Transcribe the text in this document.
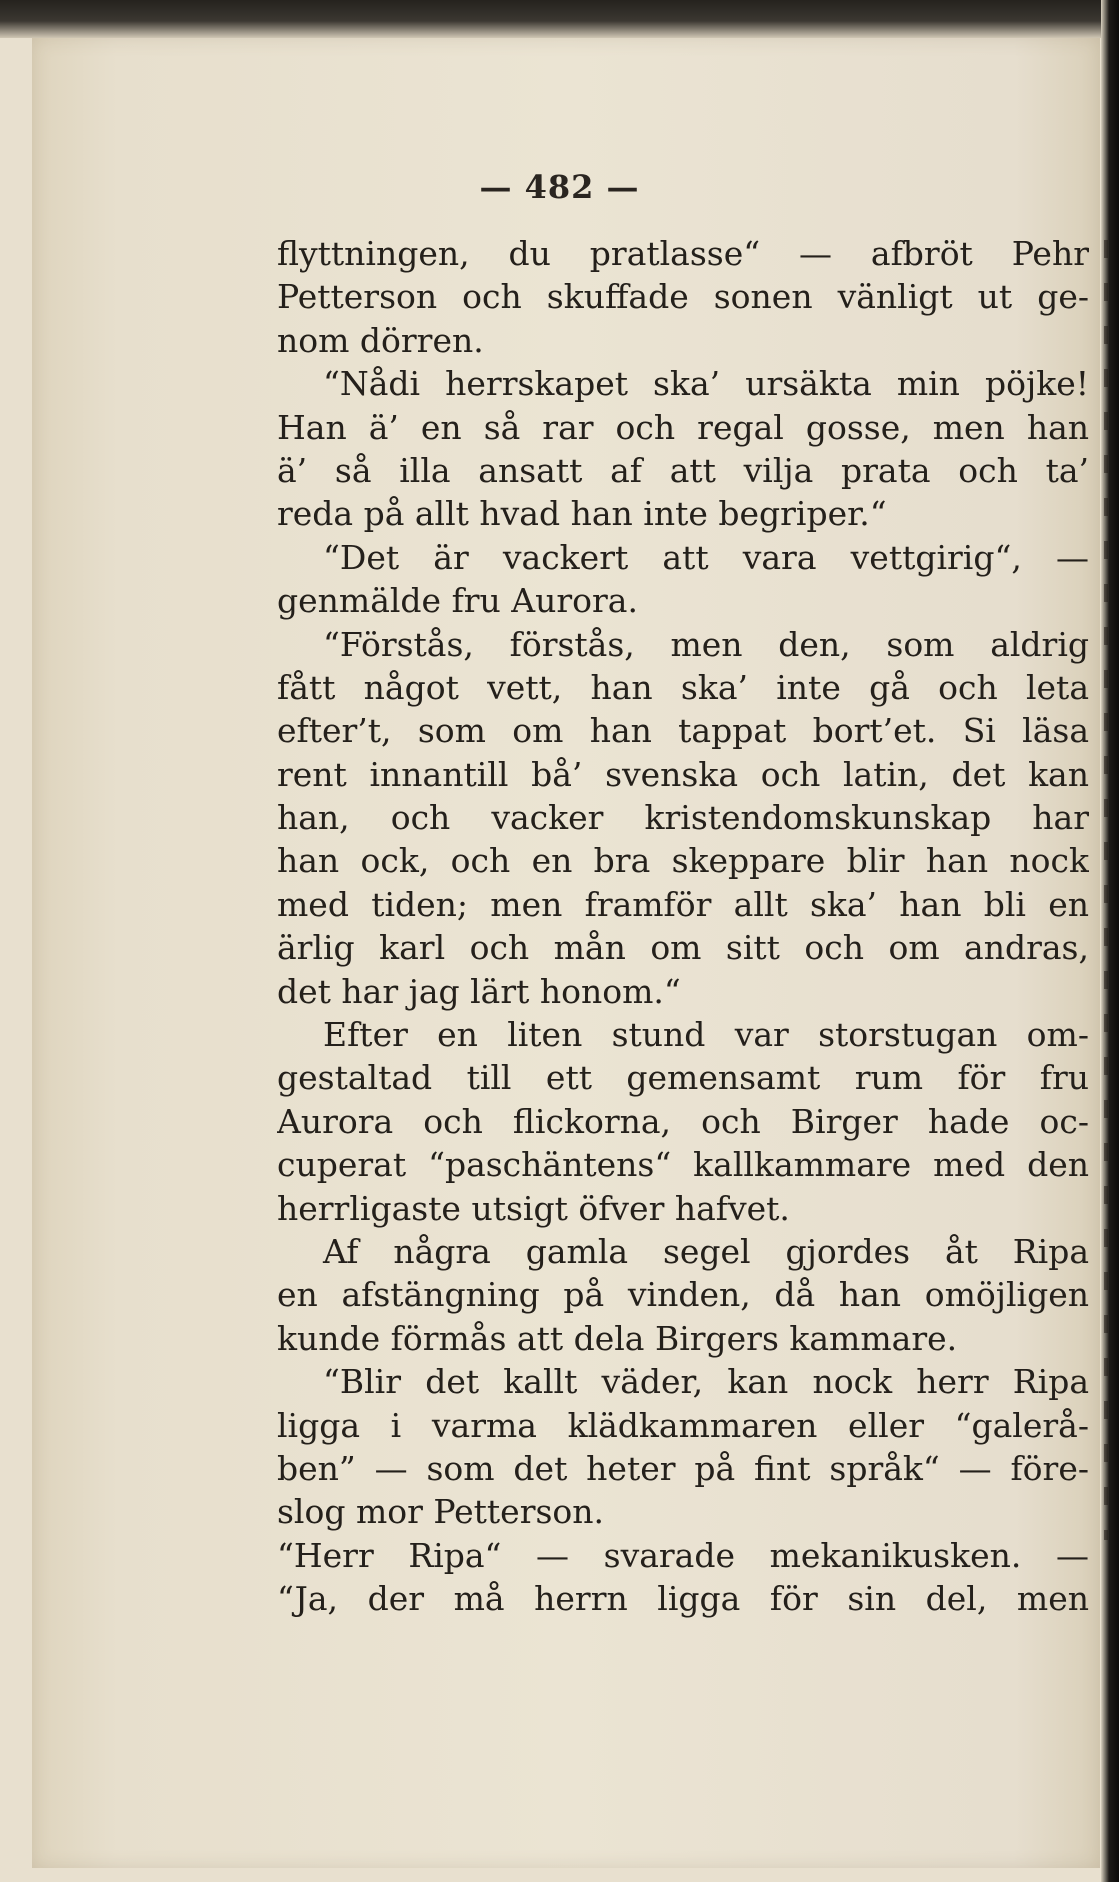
— 482 —
flyttningen, du pratlasse“ — afbröt Pehr
Petterson och skuffade sonen vänligt ut ge-
nom dörren.
“Nådi herrskapet ska’ ursäkta min pöjke!
Han ä’ en så rar och regal gosse, men han
ä’ så illa ansatt af att vilja prata och ta’
reda på allt hvad han inte begriper.“
“Det är vackert att vara vettgirig“, —
genmälde fru Aurora.
“Förstås, förstås, men den, som aldrig
fått något vett, han ska’ inte gå och leta
efter’t, som om han tappat bort’et. Si läsa
rent innantill bå’ svenska och latin, det kan
han, och vacker kristendomskunskap har
han ock, och en bra skeppare blir han nock
med tiden; men framför allt ska’ han bli en
ärlig karl och mån om sitt och om andras,
det har jag lärt honom.“
Efter en liten stund var storstugan om-
gestaltad till ett gemensamt rum för fru
Aurora och flickorna, och Birger hade oc-
cuperat “paschäntens“ kallkammare med den
herrligaste utsigt öfver hafvet.
Af några gamla segel gjordes åt Ripa
en afstängning på vinden, då han omöjligen
kunde förmås att dela Birgers kammare.
“Blir det kallt väder, kan nock herr Ripa
ligga i varma klädkammaren eller “galerå-
ben” — som det heter på fint språk“ — före-
slog mor Petterson.
“Herr Ripa“ — svarade mekanikusken. —
“Ja, der må herrn ligga för sin del, men
